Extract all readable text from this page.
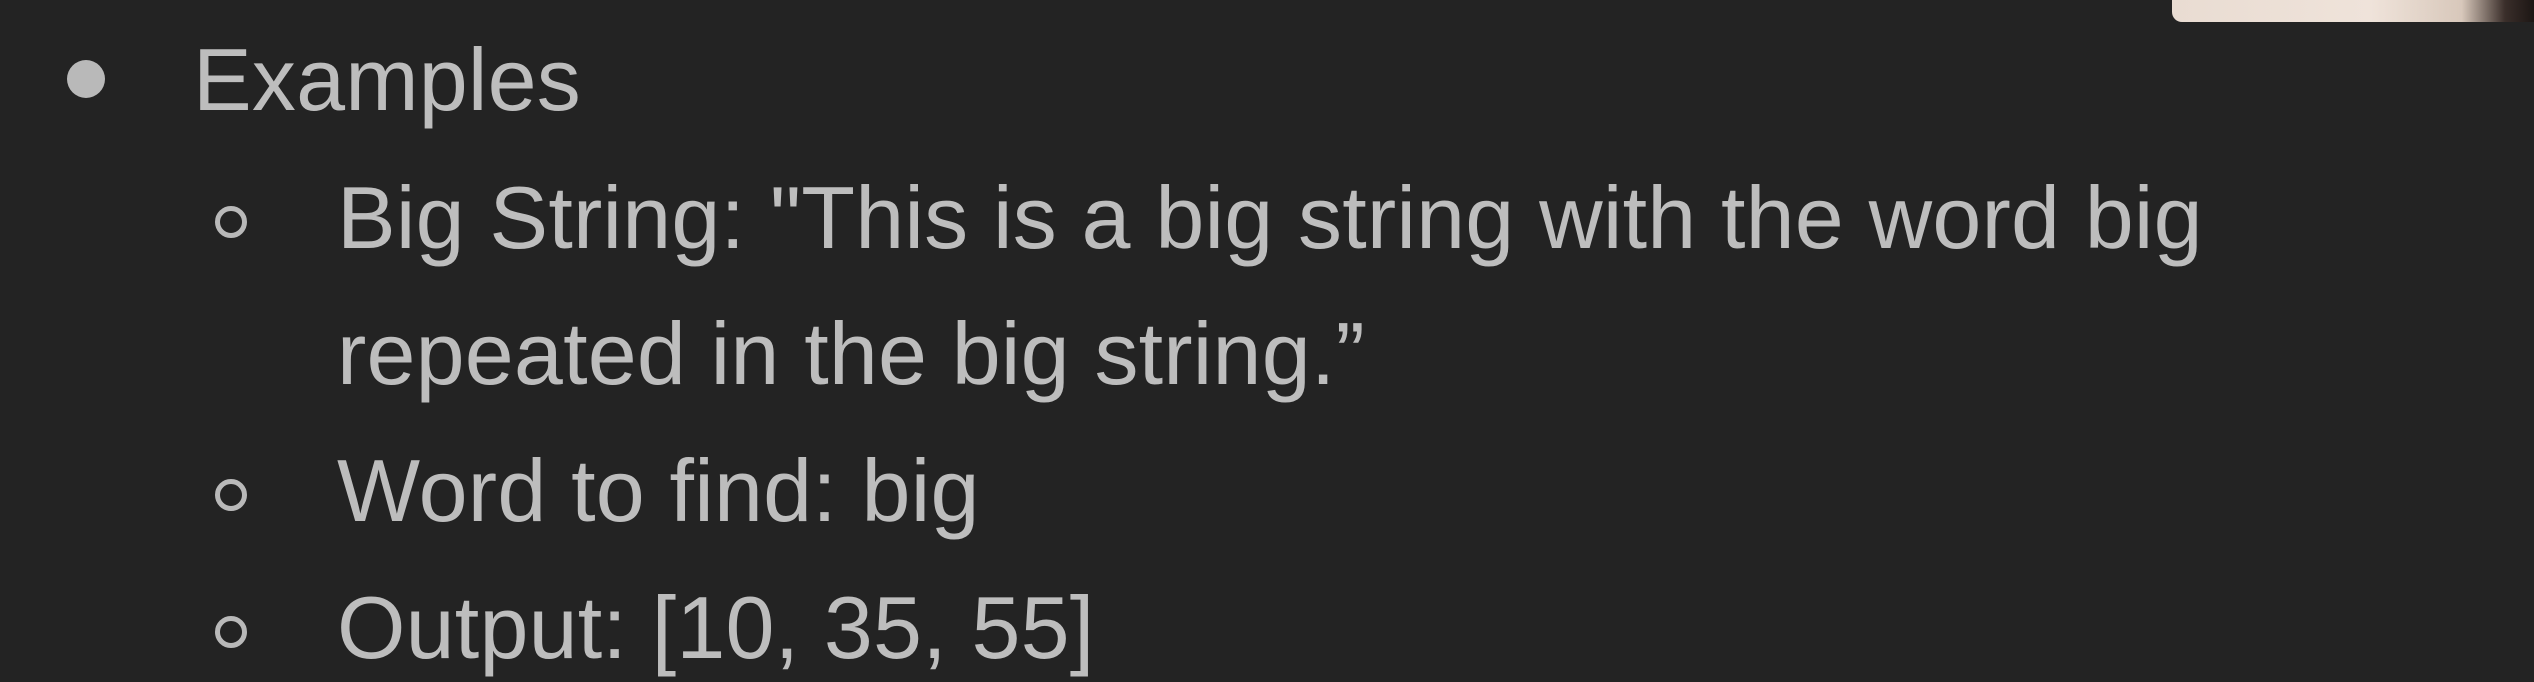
Examples
Big String: "This is a big string with the word big
repeated in the big string.”
Word to find: big
Output: [10, 35, 55]
